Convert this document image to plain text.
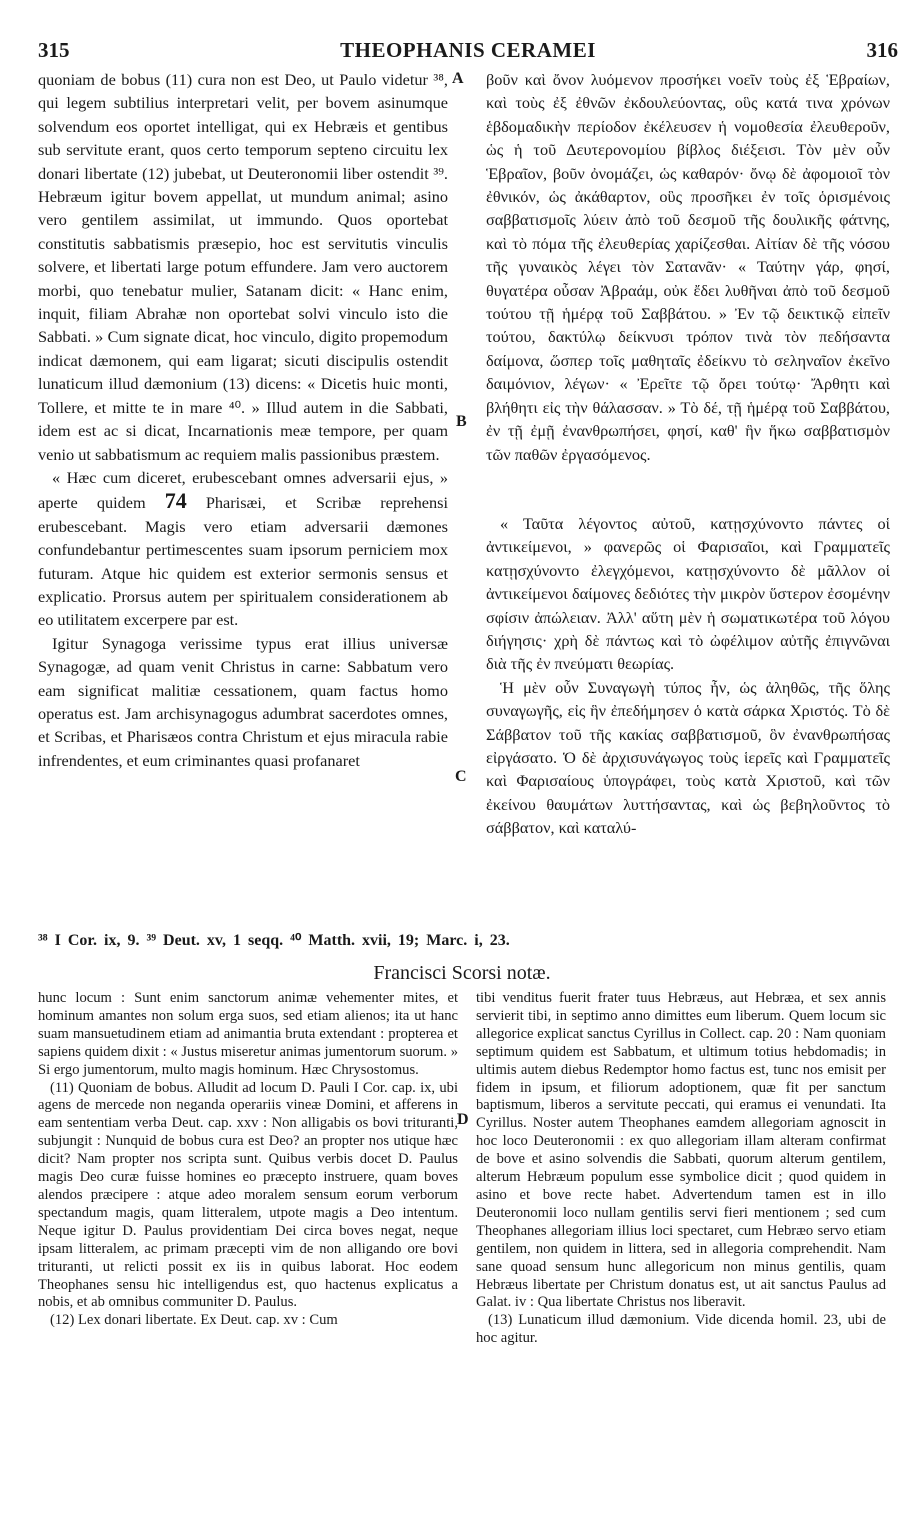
315	THEOPHANIS CERAMEI	316

quoniam de bobus (11) cura non est Deo, ut Paulo videtur ³⁸, qui legem subtilius interpretari velit, per bovem asinumque solvendum eos oportet intelligat, qui ex Hebræis et gentibus sub servitute erant, quos certo temporum septeno circuitu lex donari libertate (12) jubebat, ut Deuteronomii liber ostendit ³⁹. Hebræum igitur bovem appellat, ut mundum animal; asino vero gentilem assimilat, ut immundo. Quos oportebat constitutis sabbatismis præsepio, hoc est servitutis vinculis solvere, et libertati large potum effundere. Jam vero auctorem morbi, quo tenebatur mulier, Satanam dicit: « Hanc enim, inquit, filiam Abrahæ non oportebat solvi vinculo isto die Sabbati. » Cum signate dicat, hoc vinculo, digito propemodum indicat dæmonem, qui eam ligarat; sicuti discipulis ostendit lunaticum illud dæmonium (13) dicens: « Dicetis huic monti, Tollere, et mitte te in mare ⁴⁰. » Illud autem in die Sabbati, idem est ac si dicat, Incarnationis meæ tempore, per quam venio ut sabbatismum ac requiem malis passionibus præstem.

« Hæc cum diceret, erubescebant omnes adversarii ejus, » aperte quidem 74 Pharisæi, et Scribæ reprehensi erubescebant. Magis vero etiam adversarii dæmones confundebantur pertimescentes suam ipsorum perniciem mox futuram. Atque hic quidem est exterior sermonis sensus et explicatio. Prorsus autem per spiritualem considerationem ab eo utilitatem excerpere par est.

Igitur Synagoga verissime typus erat illius universæ Synagogæ, ad quam venit Christus in carne: Sabbatum vero eam significat malitiæ cessationem, quam factus homo operatus est. Jam archisynagogus adumbrat sacerdotes omnes, et Scribas, et Pharisæos contra Christum et ejus miracula rabie infrendentes, et eum criminantes quasi profanaret

βοῦν καὶ ὄνον λυόμενον προσήκει νοεῖν τοὺς ἐξ Ἑβραίων, καὶ τοὺς ἐξ ἐθνῶν ἐκδουλεύοντας, οὓς κατά τινα χρόνων ἑβδομαδικὴν περίοδον ἐκέλευσεν ἡ νομοθεσία ἐλευθεροῦν, ὡς ἡ τοῦ Δευτερονομίου βίβλος διέξεισι. Τὸν μὲν οὖν Ἑβραῖον, βοῦν ὀνομάζει, ὡς καθαρόν· ὄνῳ δὲ ἀφομοιοῖ τὸν ἐθνικόν, ὡς ἀκάθαρτον, οὓς προσῆκει ἐν τοῖς ὁρισμένοις σαββατισμοῖς λύειν ἀπὸ τοῦ δεσμοῦ τῆς δουλικῆς φάτνης, καὶ τὸ πόμα τῆς ἐλευθερίας χαρίζεσθαι. Αἰτίαν δὲ τῆς νόσου τῆς γυναικὸς λέγει τὸν Σατανᾶν· « Ταύτην γάρ, φησί, θυγατέρα οὖσαν Ἀβραάμ, οὐκ ἔδει λυθῆναι ἀπὸ τοῦ δεσμοῦ τούτου τῇ ἡμέρᾳ τοῦ Σαββάτου. » Ἐν τῷ δεικτικῷ εἰπεῖν τούτου, δακτύλῳ δείκνυσι τρόπον τινὰ τὸν πεδήσαντα δαίμονα, ὥσπερ τοῖς μαθηταῖς ἐδείκνυ τὸ σεληναῖον ἐκεῖνο δαιμόνιον, λέγων· « Ἐρεῖτε τῷ ὄρει τούτῳ· Ἄρθητι καὶ βλήθητι εἰς τὴν θάλασσαν. » Τὸ δέ, τῇ ἡμέρᾳ τοῦ Σαββάτου, ἐν τῇ ἐμῇ ἐνανθρωπήσει, φησί, καθ' ἣν ἥκω σαββατισμὸν τῶν παθῶν ἐργασόμενος.

« Ταῦτα λέγοντος αὐτοῦ, κατῃσχύνοντο πάντες οἱ ἀντικείμενοι, » φανερῶς οἱ Φαρισαῖοι, καὶ Γραμματεῖς κατῃσχύνοντο ἐλεγχόμενοι, κατῃσχύνοντο δὲ μᾶλλον οἱ ἀντικείμενοι δαίμονες δεδιότες τὴν μικρὸν ὕστερον ἐσομένην σφίσιν ἀπώλειαν. Ἀλλ' αὕτη μὲν ἡ σωματικωτέρα τοῦ λόγου διήγησις· χρὴ δὲ πάντως καὶ τὸ ὠφέλιμον αὐτῆς ἐπιγνῶναι διὰ τῆς ἐν πνεύματι θεωρίας.

Ἡ μὲν οὖν Συναγωγὴ τύπος ἦν, ὡς ἀληθῶς, τῆς ὅλης συναγωγῆς, εἰς ἣν ἐπεδήμησεν ὁ κατὰ σάρκα Χριστός. Τὸ δὲ Σάββατον τοῦ τῆς κακίας σαββατισμοῦ, ὃν ἐνανθρωπήσας εἰργάσατο. Ὁ δὲ ἀρχισυνάγωγος τοὺς ἱερεῖς καὶ Γραμματεῖς καὶ Φαρισαίους ὑπογράφει, τοὺς κατὰ Χριστοῦ, καὶ τῶν ἐκείνου θαυμάτων λυττήσαντας, καὶ ὡς βεβηλοῦντος τὸ σάββατον, καὶ καταλύ-

A
B
C
D
³⁸ I Cor. ix, 9. ³⁹ Deut. xv, 1 seqq. ⁴⁰ Matth. xvii, 19; Marc. i, 23.
Francisci Scorsi notæ.

hunc locum : Sunt enim sanctorum animæ vehementer mites, et hominum amantes non solum erga suos, sed etiam alienos; ita ut hanc suam mansuetudinem etiam ad animantia bruta extendant : propterea et sapiens quidem dixit : « Justus miseretur animas jumentorum suorum. » Si ergo jumentorum, multo magis hominum. Hæc Chrysostomus.

(11) Quoniam de bobus. Alludit ad locum D. Pauli I Cor. cap. ix, ubi agens de mercede non neganda operariis vineæ Domini, et afferens in eam sententiam verba Deut. cap. xxv : Non alligabis os bovi trituranti, subjungit : Nunquid de bobus cura est Deo? an propter nos utique hæc dicit? Nam propter nos scripta sunt. Quibus verbis docet D. Paulus magis Deo curæ fuisse homines eo præcepto instruere, quam boves alendos præcipere : atque adeo moralem sensum eorum verborum spectandum magis, quam litteralem, utpote magis a Deo intentum. Neque igitur D. Paulus providentiam Dei circa boves negat, neque ipsam litteralem, ac primam præcepti vim de non alligando ore bovi trituranti, ut relicti possit ex iis in quibus laborat. Hoc eodem Theophanes sensu hic intelligendus est, quo hactenus explicatus a nobis, et ab omnibus communiter D. Paulus.

(12) Lex donari libertate. Ex Deut. cap. xv : Cum

tibi venditus fuerit frater tuus Hebræus, aut Hebræa, et sex annis servierit tibi, in septimo anno dimittes eum liberum. Quem locum sic allegorice explicat sanctus Cyrillus in Collect. cap. 20 : Nam quoniam septimum quidem est Sabbatum, et ultimum totius hebdomadis; in ultimis autem diebus Redemptor homo factus est, tunc nos emisit per fidem in ipsum, et filiorum adoptionem, quæ fit per sanctum baptismum, liberos a servitute peccati, qui eramus ei venundati. Ita Cyrillus. Noster autem Theophanes eamdem allegoriam agnoscit in hoc loco Deuteronomii : ex quo allegoriam illam alteram confirmat de bove et asino solvendis die Sabbati, quorum alterum gentilem, alterum Hebræum populum esse symbolice dicit ; quod quidem in asino et bove recte habet. Advertendum tamen est in illo Deuteronomii loco nullam gentilis servi fieri mentionem ; sed cum Theophanes allegoriam illius loci spectaret, cum Hebræo servo etiam gentilem, non quidem in littera, sed in allegoria comprehendit. Nam sane quoad sensum hunc allegoricum non minus gentilis, quam Hebræus libertate per Christum donatus est, ut ait sanctus Paulus ad Galat. iv : Qua libertate Christus nos liberavit.

(13) Lunaticum illud dæmonium. Vide dicenda homil. 23, ubi de hoc agitur.
